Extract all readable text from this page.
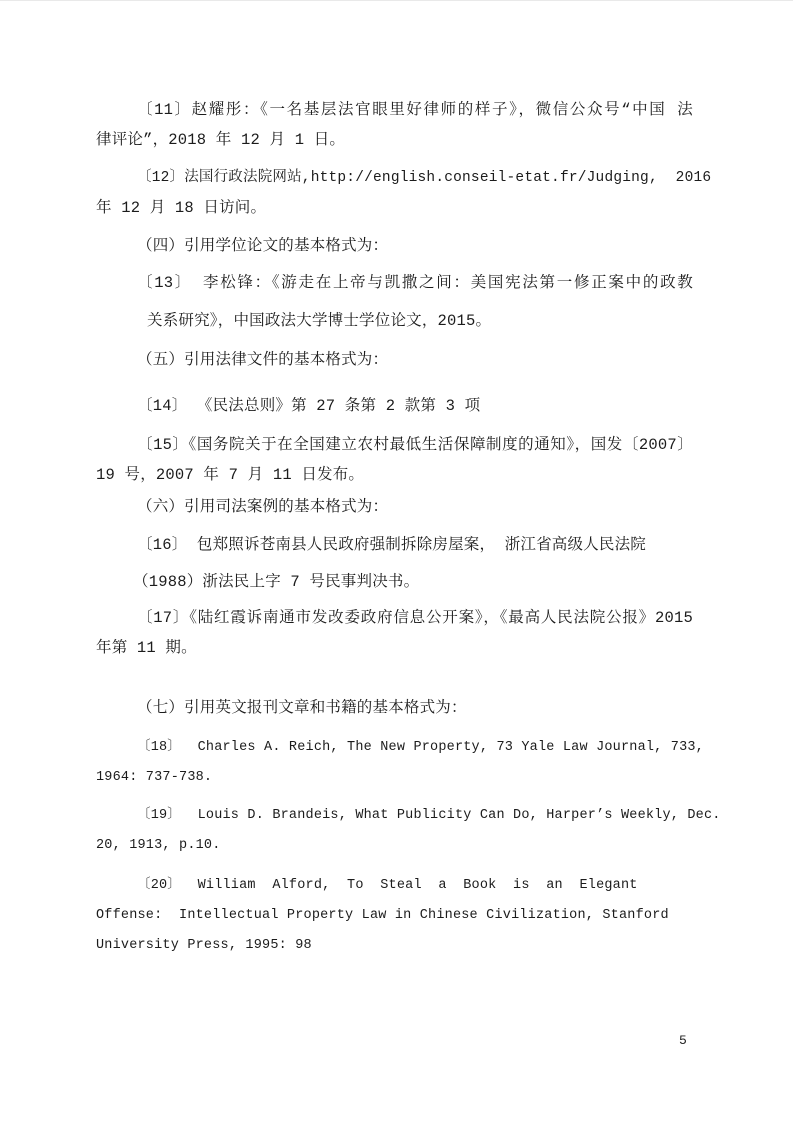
〔11〕赵耀彤：《一名基层法官眼里好律师的样子》，微信公众号“中国 法
律评论”，2018 年 12 月 1 日。
〔12〕法国行政法院网站,http://english.conseil-etat.fr/Judging,  2016
年 12 月 18 日访问。
（四）引用学位论文的基本格式为：
〔13〕 李松锋：《游走在上帝与凯撒之间：美国宪法第一修正案中的政教
关系研究》，中国政法大学博士学位论文，2015。
（五）引用法律文件的基本格式为：
〔14〕 《民法总则》第 27 条第 2 款第 3 项
〔15〕《国务院关于在全国建立农村最低生活保障制度的通知》，国发〔2007〕
19 号，2007 年 7 月 11 日发布。
（六）引用司法案例的基本格式为：
〔16〕 包郑照诉苍南县人民政府强制拆除房屋案， 浙江省高级人民法院
（1988）浙法民上字 7 号民事判决书。
〔17〕《陆红霞诉南通市发改委政府信息公开案》，《最高人民法院公报》2015
年第 11 期。
（七）引用英文报刊文章和书籍的基本格式为：
〔18〕  Charles A. Reich, The New Property, 73 Yale Law Journal, 733,
1964: 737-738.
〔19〕  Louis D. Brandeis, What Publicity Can Do, Harper’s Weekly, Dec.
20, 1913, p.10.
〔20〕  William  Alford,  To  Steal  a  Book  is  an  Elegant
Offense:  Intellectual Property Law in Chinese Civilization, Stanford
University Press, 1995: 98
5
